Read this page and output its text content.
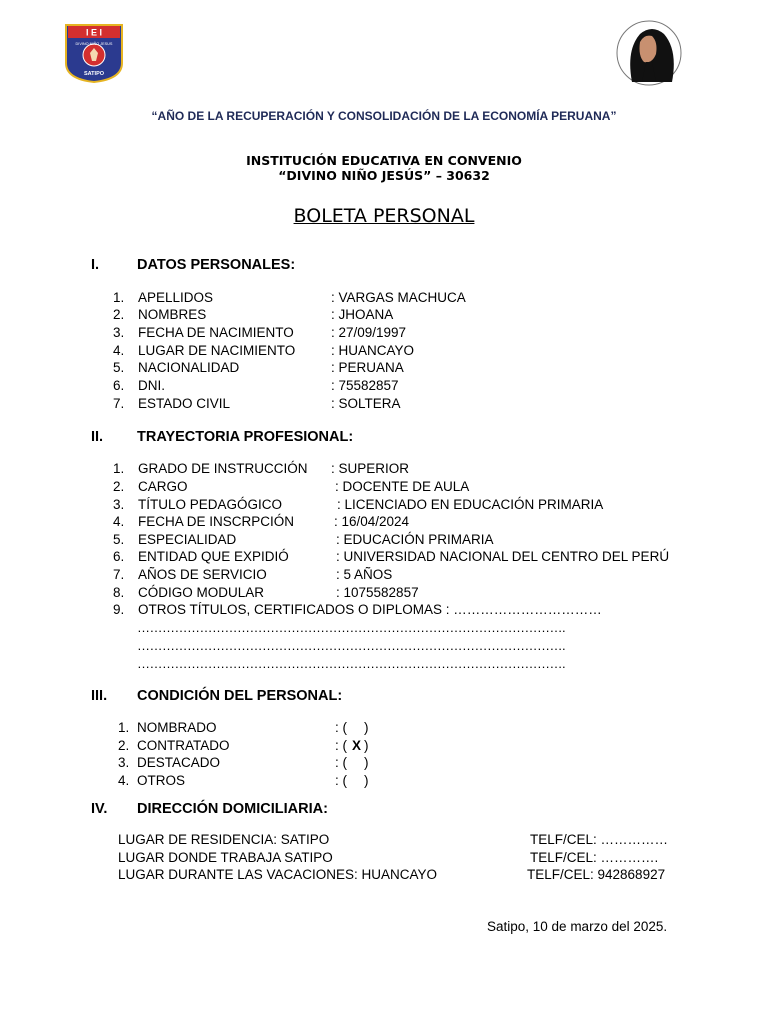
I E I
DIVINO NIÑO JESUS
SATIPO
“AÑO DE LA RECUPERACIÓN Y CONSOLIDACIÓN DE LA ECONOMÍA PERUANA”
INSTITUCIÓN EDUCATIVA EN CONVENIO
“DIVINO NIÑO JESÚS” – 30632
BOLETA PERSONAL
I.	DATOS PERSONALES:
1. APELLIDOS	: VARGAS MACHUCA
2. NOMBRES	: JHOANA
3. FECHA DE NACIMIENTO	: 27/09/1997
4. LUGAR DE NACIMIENTO	: HUANCAYO
5. NACIONALIDAD	: PERUANA
6. DNI.	: 75582857
7. ESTADO CIVIL	: SOLTERA
II. TRAYECTORIA PROFESIONAL:
1. GRADO DE INSTRUCCIÓN : SUPERIOR
2. CARGO	: DOCENTE DE AULA
3. TÍTULO PEDAGÓGICO	: LICENCIADO EN EDUCACIÓN PRIMARIA
4. FECHA DE INSCRPCIÓN	: 16/04/2024
5. ESPECIALIDAD	: EDUCACIÓN PRIMARIA
6. ENTIDAD QUE EXPIDIÓ	: UNIVERSIDAD NACIONAL DEL CENTRO DEL PERÚ
7. AÑOS DE SERVICIO	: 5 AÑOS
8. CÓDIGO MODULAR	: 1075582857
9. OTROS TÍTULOS, CERTIFICADOS O DIPLOMAS : ……………………………
………………………………………………………………………………………….
………………………………………………………………………………………….
………………………………………………………………………………………….
III. CONDICIÓN DEL PERSONAL:
1. NOMBRADO	: ( )
2. CONTRATADO	: ( X )
3. DESTACADO	: ( )
4. OTROS	: ( )
IV. DIRECCIÓN DOMICILIARIA:
LUGAR DE RESIDENCIA: SATIPO	TELF/CEL: ……………
LUGAR DONDE TRABAJA SATIPO	TELF/CEL: ………….
LUGAR DURANTE LAS VACACIONES: HUANCAYO	TELF/CEL: 942868927
Satipo, 10 de marzo del 2025.
